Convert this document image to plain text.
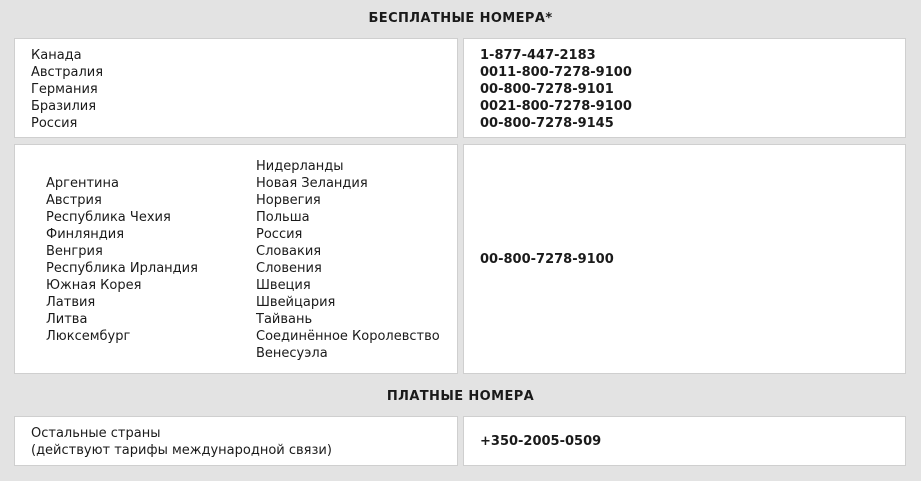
БЕСПЛАТНЫЕ НОМЕРА*
Канада
Австралия
Германия
Бразилия
Россия
1-877-447-2183
0011-800-7278-9100
00-800-7278-9101
0021-800-7278-9100
00-800-7278-9145
Аргентина
Австрия
Республика Чехия
Финляндия
Венгрия
Республика Ирландия
Южная Корея
Латвия
Литва
Люксембург
Нидерланды
Новая Зеландия
Норвегия
Польша
Россия
Словакия
Словения
Швеция
Швейцария
Тайвань
Соединённое Королевство
Венесуэла
00-800-7278-9100
ПЛАТНЫЕ НОМЕРА
Остальные страны
(действуют тарифы международной связи)
+350-2005-0509
